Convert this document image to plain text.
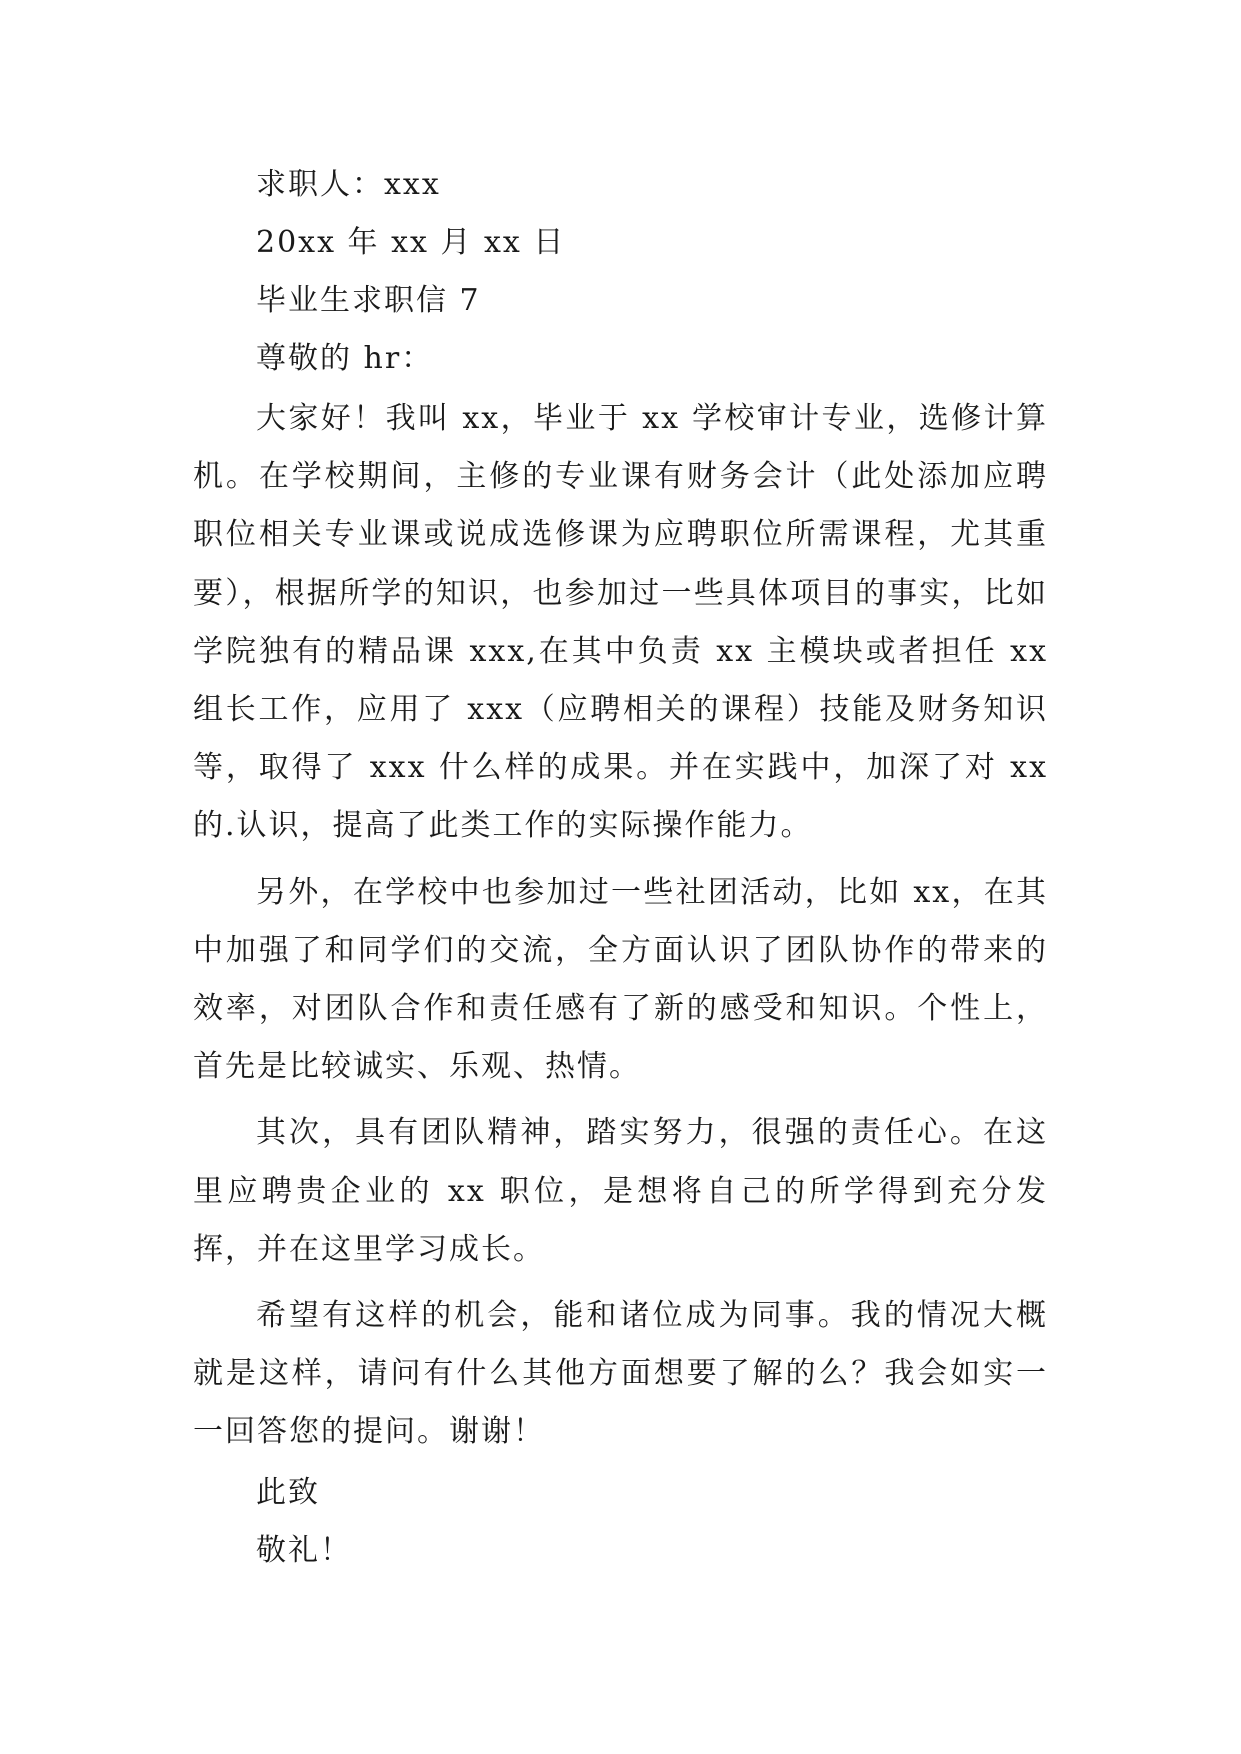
求职人：xxx
20xx 年 xx 月 xx 日
毕业生求职信 7
尊敬的 hr：

大家好！我叫 xx，毕业于 xx 学校审计专业，选修计算机。在学校期间，主修的专业课有财务会计（此处添加应聘职位相关专业课或说成选修课为应聘职位所需课程，尤其重要），根据所学的知识，也参加过一些具体项目的事实，比如学院独有的精品课 xxx,在其中负责 xx 主模块或者担任 xx 组长工作，应用了 xxx（应聘相关的课程）技能及财务知识等，取得了 xxx 什么样的成果。并在实践中，加深了对 xx 的.认识，提高了此类工作的实际操作能力。

另外，在学校中也参加过一些社团活动，比如 xx，在其中加强了和同学们的交流，全方面认识了团队协作的带来的效率，对团队合作和责任感有了新的感受和知识。个性上，首先是比较诚实、乐观、热情。

其次，具有团队精神，踏实努力，很强的责任心。在这里应聘贵企业的 xx 职位，是想将自己的所学得到充分发挥，并在这里学习成长。

希望有这样的机会，能和诸位成为同事。我的情况大概就是这样，请问有什么其他方面想要了解的么？我会如实一一回答您的提问。谢谢！

此致
敬礼！
